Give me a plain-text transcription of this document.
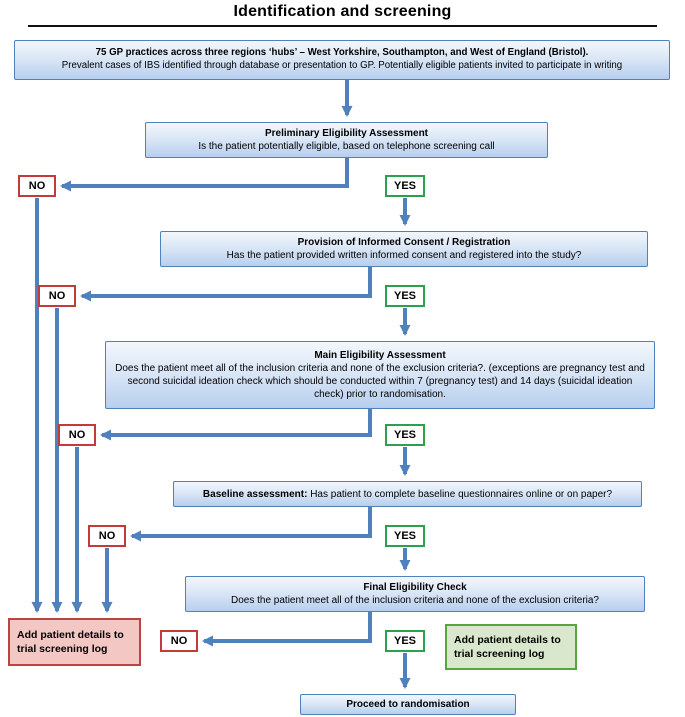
Identification and screening
75 GP practices across three regions ‘hubs’ – West Yorkshire, Southampton, and West of England (Bristol).
Prevalent cases of IBS identified through database or presentation to GP. Potentially eligible patients invited to participate in writing
Preliminary Eligibility Assessment
Is the patient potentially eligible, based on telephone screening call
NO	YES
Provision of Informed Consent / Registration
Has the patient provided written informed consent and registered into the study?
NO	YES
Main Eligibility Assessment
Does the patient meet all of the inclusion criteria and none of the exclusion criteria?. (exceptions are pregnancy test and second suicidal ideation check which should be conducted within 7 (pregnancy test) and 14 days (suicidal ideation check) prior to randomisation.
NO	YES
Baseline assessment: Has patient to complete baseline questionnaires online or on paper?
NO	YES
Final Eligibility Check
Does the patient meet all of the inclusion criteria and none of the exclusion criteria?
NO	YES
Add patient details to trial screening log
Add patient details to trial screening log
Proceed to randomisation
